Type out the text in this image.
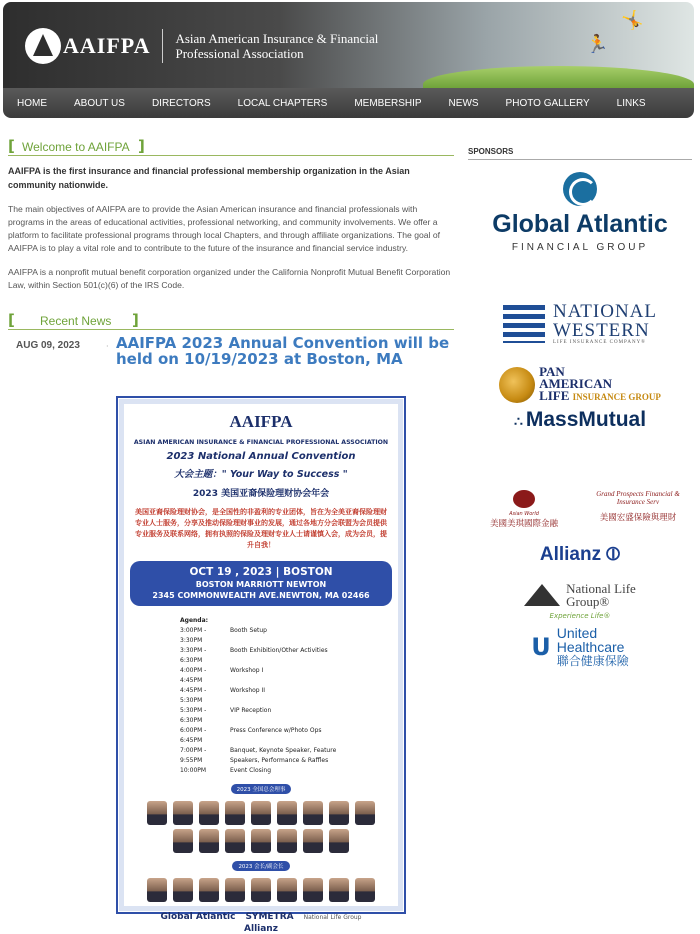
AAIFPA Asian American Insurance & Financial
Professional Association	🏃
🤸
HOME	ABOUT US	DIRECTORS	LOCAL CHAPTERS	MEMBERSHIP	NEWS	PHOTO GALLERY	LINKS
[ Welcome to AAIFPA ]

AAIFPA is the first insurance and financial professional membership organization in the Asian community nationwide.

The main objectives of AAIFPA are to provide the Asian American insurance and financial professionals with programs in the areas of educational activities, professional networking, and community involvements. We offer a platform to facilitate professional programs through local Chapters, and through affiliate organizations. The goal of AAIFPA is to play a vital role and to contribute to the future of the insurance and financial service industry.

AAIFPA is a nonprofit mutual benefit corporation organized under the California Nonprofit Mutual Benefit Corporation Law, within Section 501(c)(6) of the IRS Code.

[ Recent News ]
AUG 09, 2023	· AAIFPA 2023 Annual Convention will be held on 10/19/2023 at Boston, MA
AAIFPA
ASIAN AMERICAN INSURANCE & FINANCIAL PROFESSIONAL ASSOCIATION
2023 National Annual Convention
大会主题：" Your Way to Success "
2023 美国亚裔保险理财协会年会
美国亚裔保险理财协会，是全国性的非盈利的专业团体，旨在为全美亚裔保险理财专业人士服务，分享及推动保险理财事业的发展，通过各地方分会联盟为会员提供专业服务及联系网络，拥有执照的保险及理财专业人士请谨慎入会，成为会员，提升自我！
OCT 19 , 2023 | BOSTON
BOSTON MARRIOTT NEWTON
2345 COMMONWEALTH AVE.NEWTON, MA 02466
Agenda:
3:00PM - 3:30PM
Booth Setup
3:30PM - 6:30PM
Booth Exhibition/Other Activities
4:00PM - 4:45PM
Workshop I
4:45PM - 5:30PM
Workshop II
5:30PM - 6:30PM
VIP Reception
6:00PM - 6:45PM
Press Conference w/Photo Ops
7:00PM - 9:55PM
Banquet, Keynote Speaker, Feature Speakers, Performance & Raffles
10:00PM	Event Closing
2023 全国总会理事
2023 会长/副会长
Global Atlantic SYMETRA National Life Group
Allianz
SPONSORS
Global Atlantic
FINANCIAL GROUP
NATIONAL
WESTERN
LIFE INSURANCE COMPANY®
PAN
AMERICAN
LIFE INSURANCE GROUP
∴ MassMutual
Asian World
美國美琪國際金融
Grand Prospects Financial & Insurance Serv
美國宏盛保險與理財
Allianz ⦶
National Life
Group®
Experience Life®
U United
Healthcare
聯合健康保險
